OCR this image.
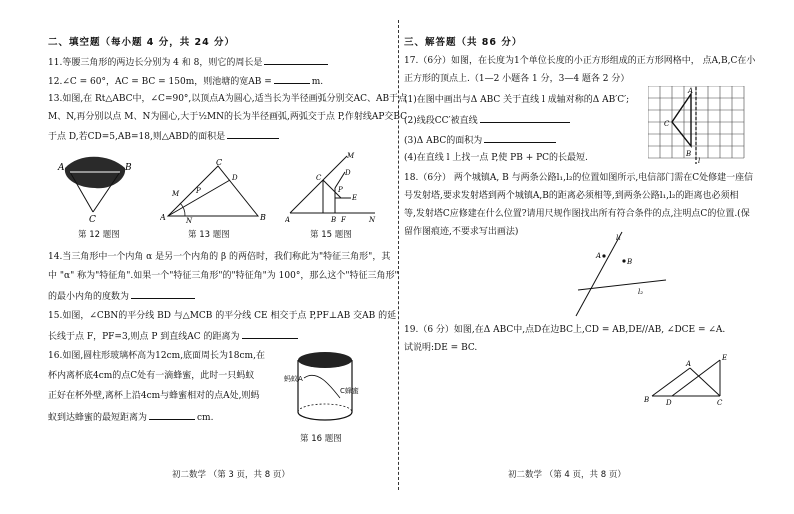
二、填空题（每小题 4 分，共 24 分）
11.等腰三角形的两边长分别为 4 和 8，则它的周长是
12.∠C = 60°，AC = BC = 150m，则池塘的宽AB =	m.
13.如图,在 Rt△ABC中，∠C=90°,以顶点A为圆心,适当长为半径画弧分别交AC、AB于点
M、N,再分别以点 M、N为圆心,大于½MN的长为半径画弧,两弧交于点 P,作射线AP交BC
于点 D,若CD=5,AB=18,则△ABD的面积是
A	B
C
60
第 12 题图
A	B
C
M
N
P
D
第 13 题图
A
M
C
D
P
E
B F	N
第 15 题图
14.当三角形中一个内角 α 是另一个内角的 β 的两倍时，我们称此为"特征三角形"，其
中 "α" 称为"特征角".如果一个"特征三角形"的"特征角"为 100°，那么这个"特征三角形"
的最小内角的度数为
15.如图，∠CBN的平分线 BD 与△MCB 的平分线 CE 相交于点 P,PF⊥AB 交AB 的延
长线于点 F，PF=3,则点 P 到直线AC 的距离为
16.如图,圆柱形玻璃杯高为12cm,底面周长为18cm,在
杯内离杯底4cm的点C处有一滴蜂蜜，此时一只蚂蚁
正好在杯外壁,离杯上沿4cm与蜂蜜相对的点A处,则蚂
蚁到达蜂蜜的最短距离为	cm.
蚂蚁A
C蜂蜜
第 16 题图
初二数学 （第 3 页，共 8 页）
三、解答题（共 86 分）
17.（6分）如图，在长度为1个单位长度的小正方形组成的正方形网格中， 点A,B,C在小
正方形的顶点上.（1—2 小题各 1 分，3—4 题各 2 分）
(1)在图中画出与Δ ABC 关于直线 l 成轴对称的Δ AB′C′;
(2)线段CC′被直线
(3)Δ ABC的面积为
(4)在直线 l 上找一点 P,使 PB + PC的长最短.
A
C
B
l
18.（6分） 两个城镇A, B 与两条公路l₁,l₂的位置如图所示,电信部门需在C处修建一座信
号发射塔,要求发射塔到两个城镇A,B的距离必须相等,到两条公路l₁,l₂的距离也必须相
等,发射塔C应修建在什么位置?请用尺规作图找出所有符合条件的点,注明点C的位置.(保
留作图痕迹,不要求写出画法)
A
B
l₁
l₂
19.（6 分）如图,在Δ ABC中,点D在边BC上,CD = AB,DE//AB, ∠DCE = ∠A.
试说明:DE = BC.
B D	C
A
E
初二数学 （第 4 页，共 8 页）
